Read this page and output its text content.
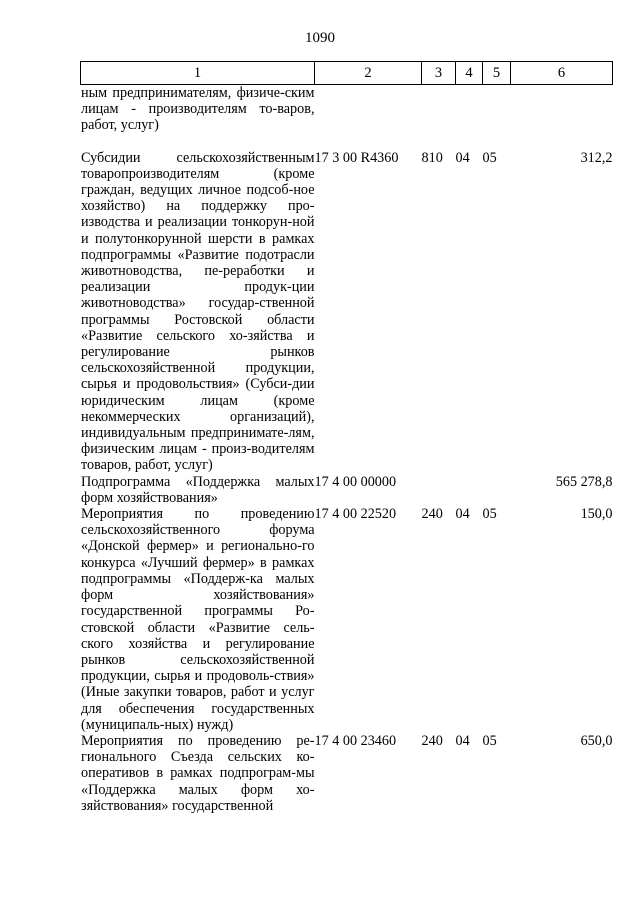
1090
1	2	3	4	5	6
ным предпринимателям, физиче-ским лицам - производителям то-варов, работ, услуг)					
Субсидии сельскохозяйственным товаропроизводителям (кроме граждан, ведущих личное подсоб-ное хозяйство) на поддержку про-изводства и реализации тонкорун-ной и полутонкорунной шерсти в рамках подпрограммы «Развитие подотрасли животноводства, пе-реработки и реализации продук-ции животноводства» государ-ственной программы Ростовской области «Развитие сельского хо-зяйства и регулирование рынков сельскохозяйственной продукции, сырья и продовольствия» (Субси-дии юридическим лицам (кроме некоммерческих организаций), индивидуальным предпринимате-лям, физическим лицам - произ-водителям товаров, работ, услуг)	17 3 00 R4360	810	04	05	312,2
Подпрограмма «Поддержка малых форм хозяйствования»	17 4 00 00000				565 278,8
Мероприятия по проведению сельскохозяйственного форума «Донской фермер» и регионально-го конкурса «Лучший фермер» в рамках подпрограммы «Поддерж-ка малых форм хозяйствования» государственной программы Ро-стовской области «Развитие сель-ского хозяйства и регулирование рынков сельскохозяйственной продукции, сырья и продоволь-ствия» (Иные закупки товаров, работ и услуг для обеспечения государственных (муниципаль-ных) нужд)	17 4 00 22520	240	04	05	150,0
Мероприятия по проведению ре-гионального Съезда сельских ко-оперативов в рамках подпрограм-мы «Поддержка малых форм хо-зяйствования» государственной	17 4 00 23460	240	04	05	650,0
